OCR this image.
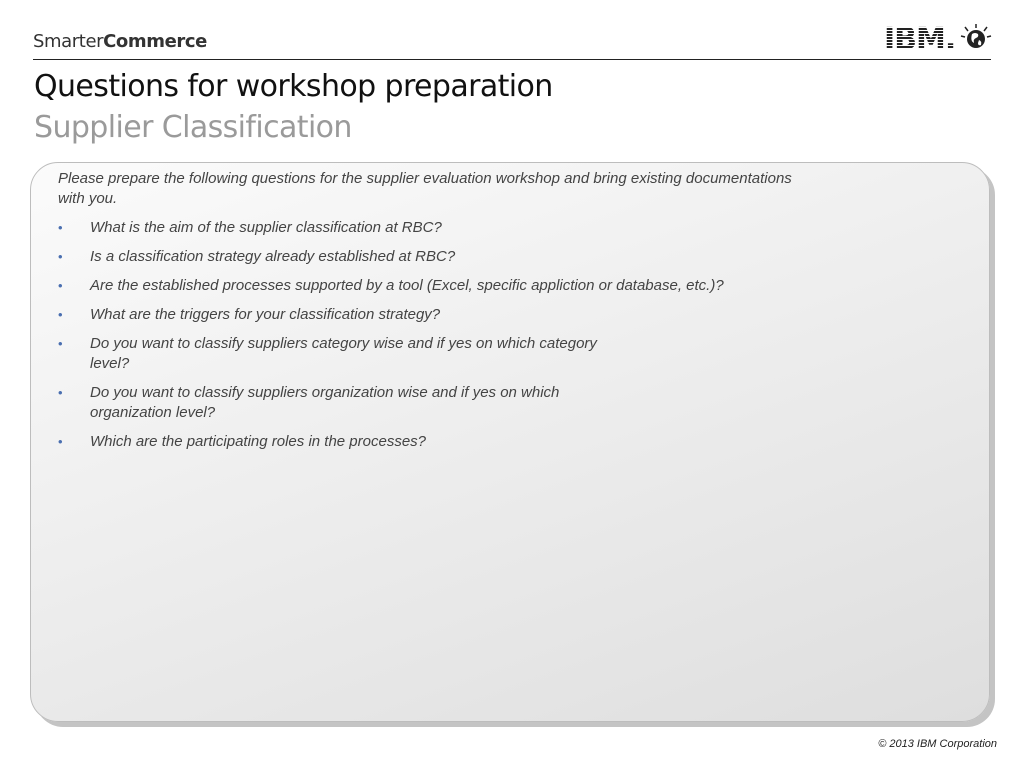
SmarterCommerce	IBM.
Questions for workshop preparation
Supplier Classification

Please prepare the following questions for the supplier evaluation workshop and bring existing documentations with you.

• What is the aim of the supplier classification at RBC?
• Is a classification strategy already established at RBC?
• Are the established processes supported by a tool (Excel, specific appliction or database, etc.)?
• What are the triggers for your classification strategy?
• Do you want to classify suppliers category wise and if yes on which category level?
• Do you want to classify suppliers organization wise and if yes on which organization level?
• Which are the participating roles in the processes?
© 2013 IBM Corporation
